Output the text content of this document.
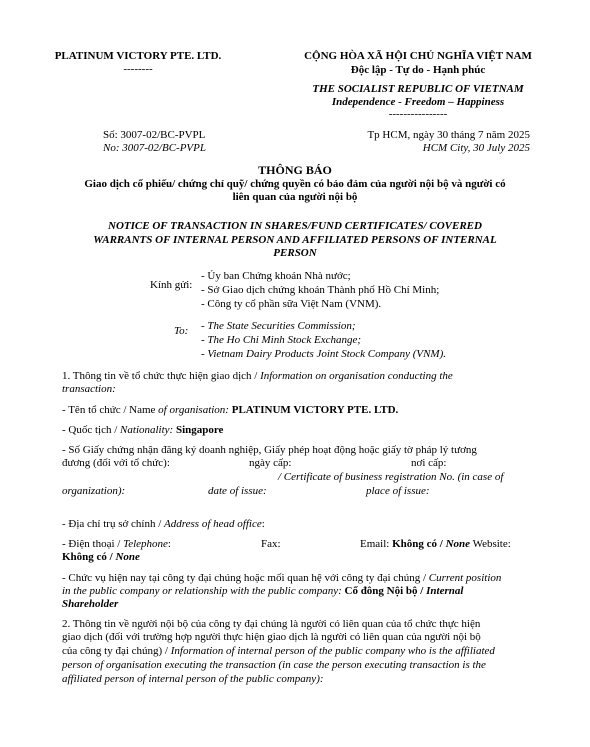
PLATINUM VICTORY PTE. LTD.
--------
CỘNG HÒA XÃ HỘI CHỦ NGHĨA VIỆT NAM
Độc lập - Tự do - Hạnh phúc
THE SOCIALIST REPUBLIC OF VIETNAM
Independence - Freedom – Happiness
----------------
Số: 3007-02/BC-PVPL
No: 3007-02/BC-PVPL
Tp HCM, ngày 30 tháng 7 năm 2025
HCM City, 30 July 2025
THÔNG BÁO
Giao dịch cổ phiếu/ chứng chỉ quỹ/ chứng quyền có bảo đảm của người nội bộ và người có
liên quan của người nội bộ
NOTICE OF TRANSACTION IN SHARES/FUND CERTIFICATES/ COVERED
WARRANTS OF INTERNAL PERSON AND AFFILIATED PERSONS OF INTERNAL
PERSON
Kính gửi:
- Ủy ban Chứng khoán Nhà nước;
- Sở Giao dịch chứng khoán Thành phố Hồ Chí Minh;
- Công ty cổ phần sữa Việt Nam (VNM).
To: - The State Securities Commission;
- The Ho Chi Minh Stock Exchange;
- Vietnam Dairy Products Joint Stock Company (VNM).
1. Thông tin về tổ chức thực hiện giao dịch / Information on organisation conducting the
transaction:
- Tên tổ chức / Name of organisation: PLATINUM VICTORY PTE. LTD.
- Quốc tịch / Nationality: Singapore
- Số Giấy chứng nhận đăng ký doanh nghiệp, Giấy phép hoạt động hoặc giấy tờ pháp lý tương
đương (đối với tổ chức):	ngày cấp:	nơi cấp:
/ Certificate of business registration No. (in case of
organization):	date of issue:	place of issue:
- Địa chỉ trụ sở chính / Address of head office:
- Điện thoại / Telephone:	Fax:	Email: Không có / None Website:
Không có / None
- Chức vụ hiện nay tại công ty đại chúng hoặc mối quan hệ với công ty đại chúng / Current position
in the public company or relationship with the public company: Cổ đông Nội bộ / Internal
Shareholder
2. Thông tin về người nội bộ của công ty đại chúng là người có liên quan của tổ chức thực hiện
giao dịch (đối với trường hợp người thực hiện giao dịch là người có liên quan của người nội bộ
của công ty đại chúng) / Information of internal person of the public company who is the affiliated
person of organisation executing the transaction (in case the person executing transaction is the
affiliated person of internal person of the public company):
